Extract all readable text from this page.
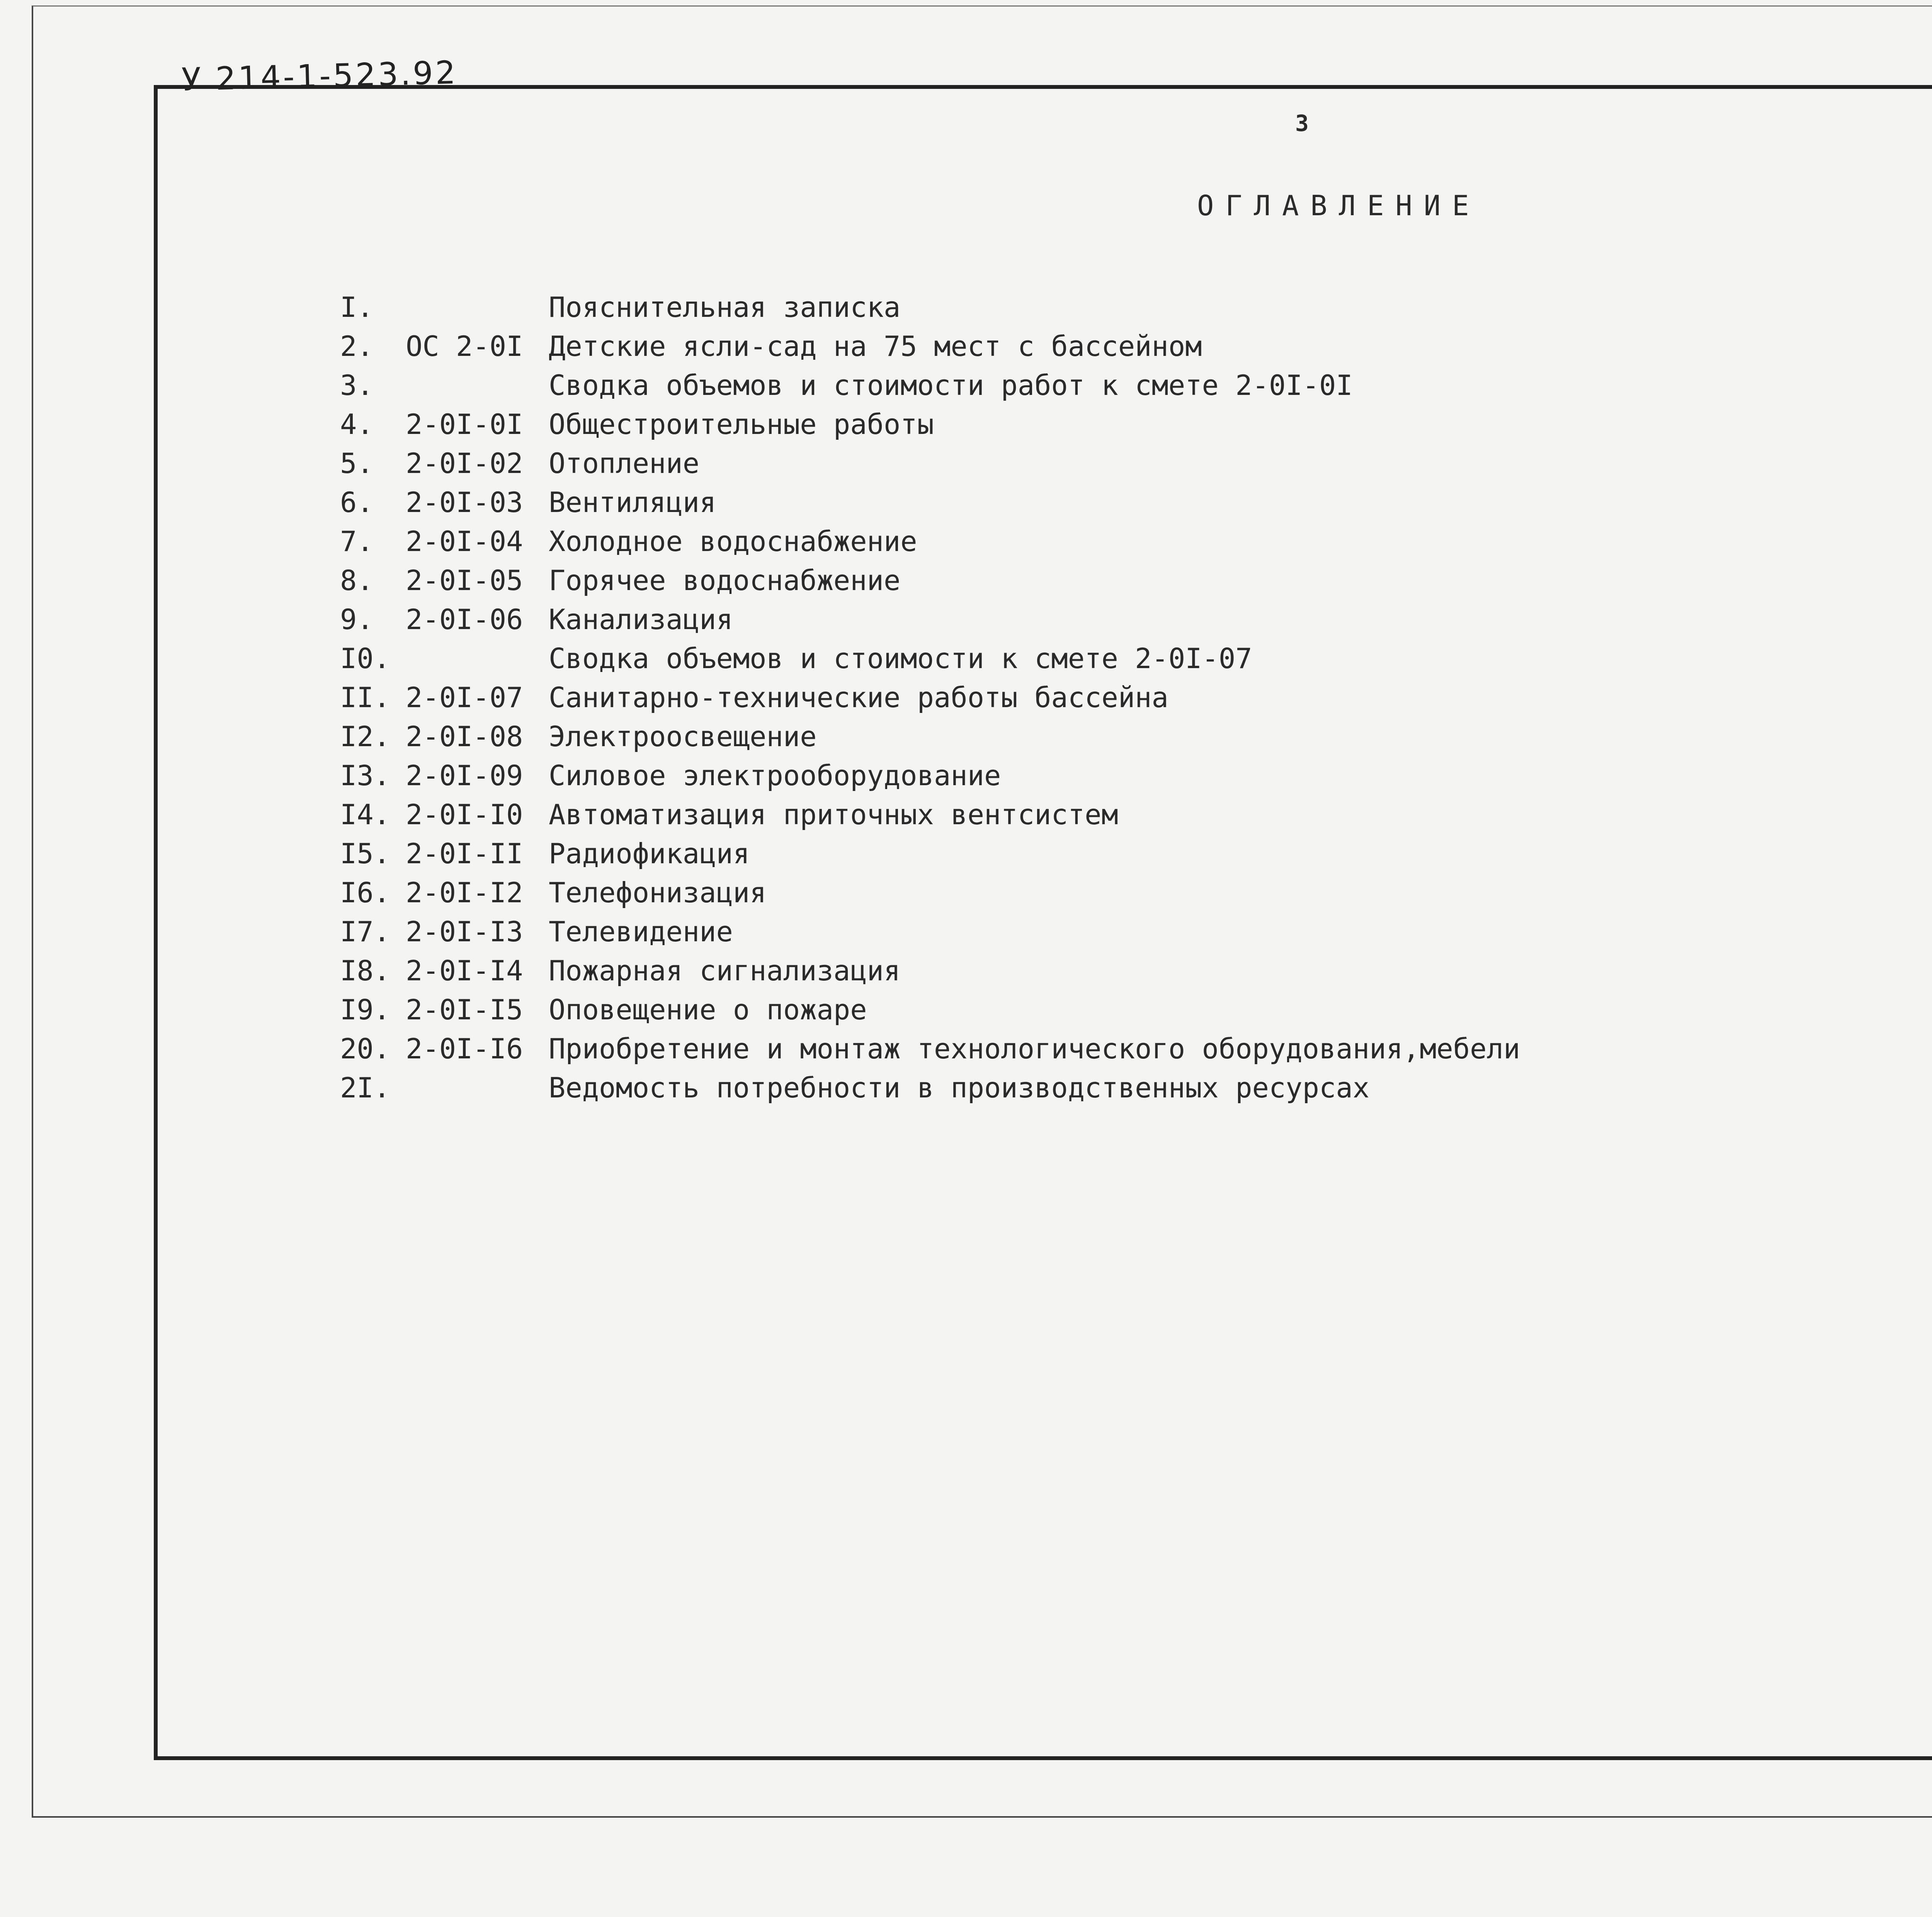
У 214-1-523.92
3
ОГЛАВЛЕНИЕ
I.	Пояснительная записка
2. ОС 2-0I Детские ясли-сад на 75 мест с бассейном
3.	Сводка объемов и стоимости работ к смете 2-0I-0I
4. 2-0I-0I Общестроительные работы
5. 2-0I-02 Отопление
6. 2-0I-03 Вентиляция
7. 2-0I-04 Холодное водоснабжение
8. 2-0I-05 Горячее водоснабжение
9. 2-0I-06 Канализация
I0.	Сводка объемов и стоимости к смете 2-0I-07
II. 2-0I-07 Санитарно-технические работы бассейна
I2. 2-0I-08 Электроосвещение
I3. 2-0I-09 Силовое электрооборудование
I4. 2-0I-I0 Автоматизация приточных вентсистем
I5. 2-0I-II Радиофикация
I6. 2-0I-I2 Телефонизация
I7. 2-0I-I3 Телевидение
I8. 2-0I-I4 Пожарная сигнализация
I9. 2-0I-I5 Оповещение о пожаре
20. 2-0I-I6 Приобретение и монтаж технологического оборудования,мебели
2I.	Ведомость потребности в производственных ресурсах
